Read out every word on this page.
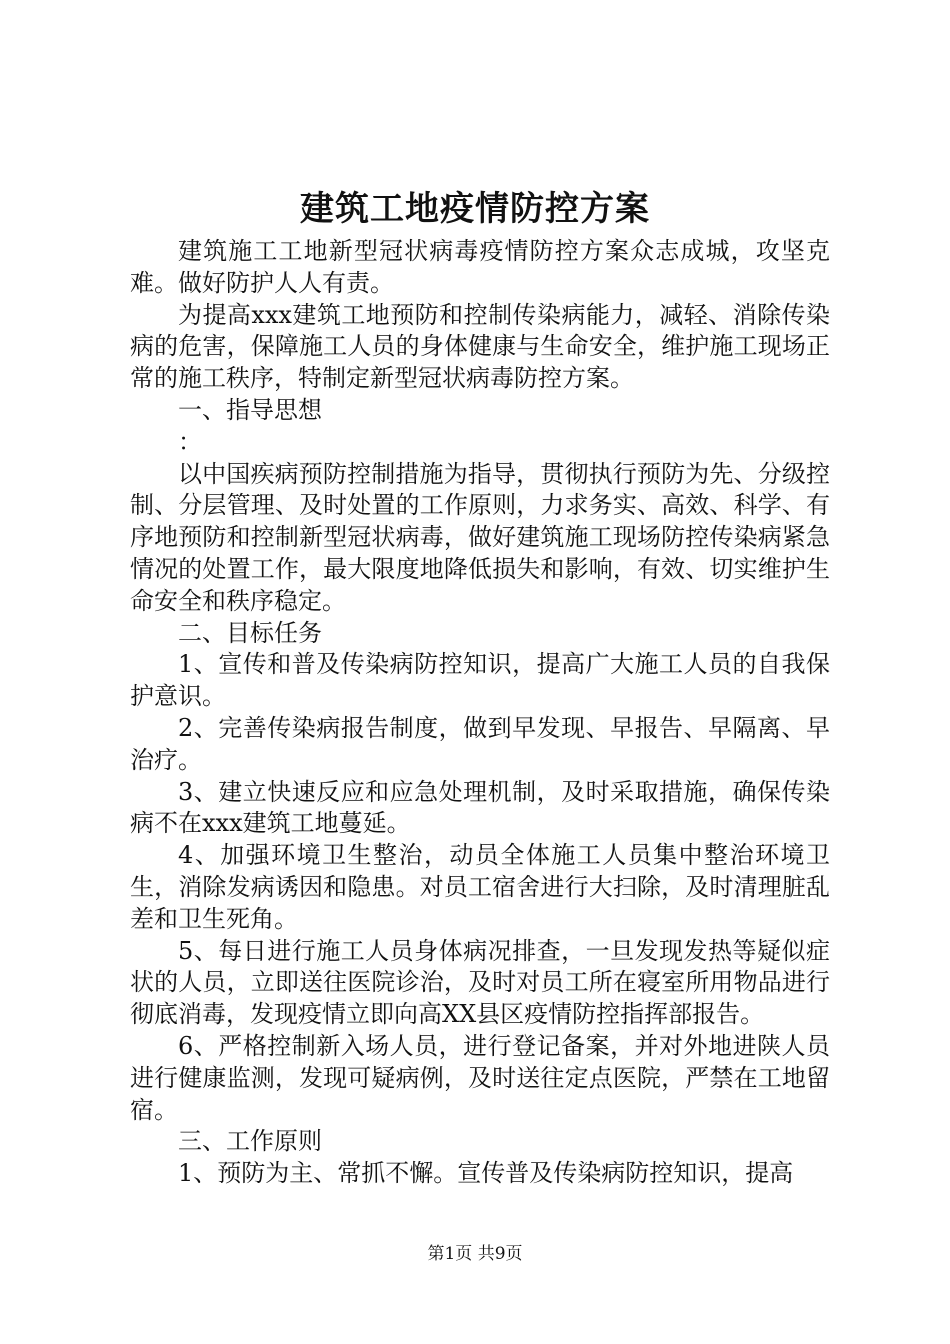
建筑工地疫情防控方案

建筑施工工地新型冠状病毒疫情防控方案众志成城，攻坚克难。做好防护人人有责。

为提高xxx建筑工地预防和控制传染病能力，减轻、消除传染病的危害，保障施工人员的身体健康与生命安全，维护施工现场正常的施工秩序，特制定新型冠状病毒防控方案。

一、指导思想

：

以中国疾病预防控制措施为指导，贯彻执行预防为先、分级控制、分层管理、及时处置的工作原则，力求务实、高效、科学、有序地预防和控制新型冠状病毒，做好建筑施工现场防控传染病紧急情况的处置工作，最大限度地降低损失和影响，有效、切实维护生命安全和秩序稳定。

二、目标任务

1、宣传和普及传染病防控知识，提高广大施工人员的自我保护意识。

2、完善传染病报告制度，做到早发现、早报告、早隔离、早治疗。

3、建立快速反应和应急处理机制，及时采取措施，确保传染病不在xxx建筑工地蔓延。

4、加强环境卫生整治，动员全体施工人员集中整治环境卫生，消除发病诱因和隐患。对员工宿舍进行大扫除，及时清理脏乱差和卫生死角。

5、每日进行施工人员身体病况排查，一旦发现发热等疑似症状的人员，立即送往医院诊治，及时对员工所在寝室所用物品进行彻底消毒，发现疫情立即向高XX县区疫情防控指挥部报告。

6、严格控制新入场人员，进行登记备案，并对外地进陕人员进行健康监测，发现可疑病例，及时送往定点医院，严禁在工地留宿。

三、工作原则

1、预防为主、常抓不懈。宣传普及传染病防控知识，提高

第1页 共9页
